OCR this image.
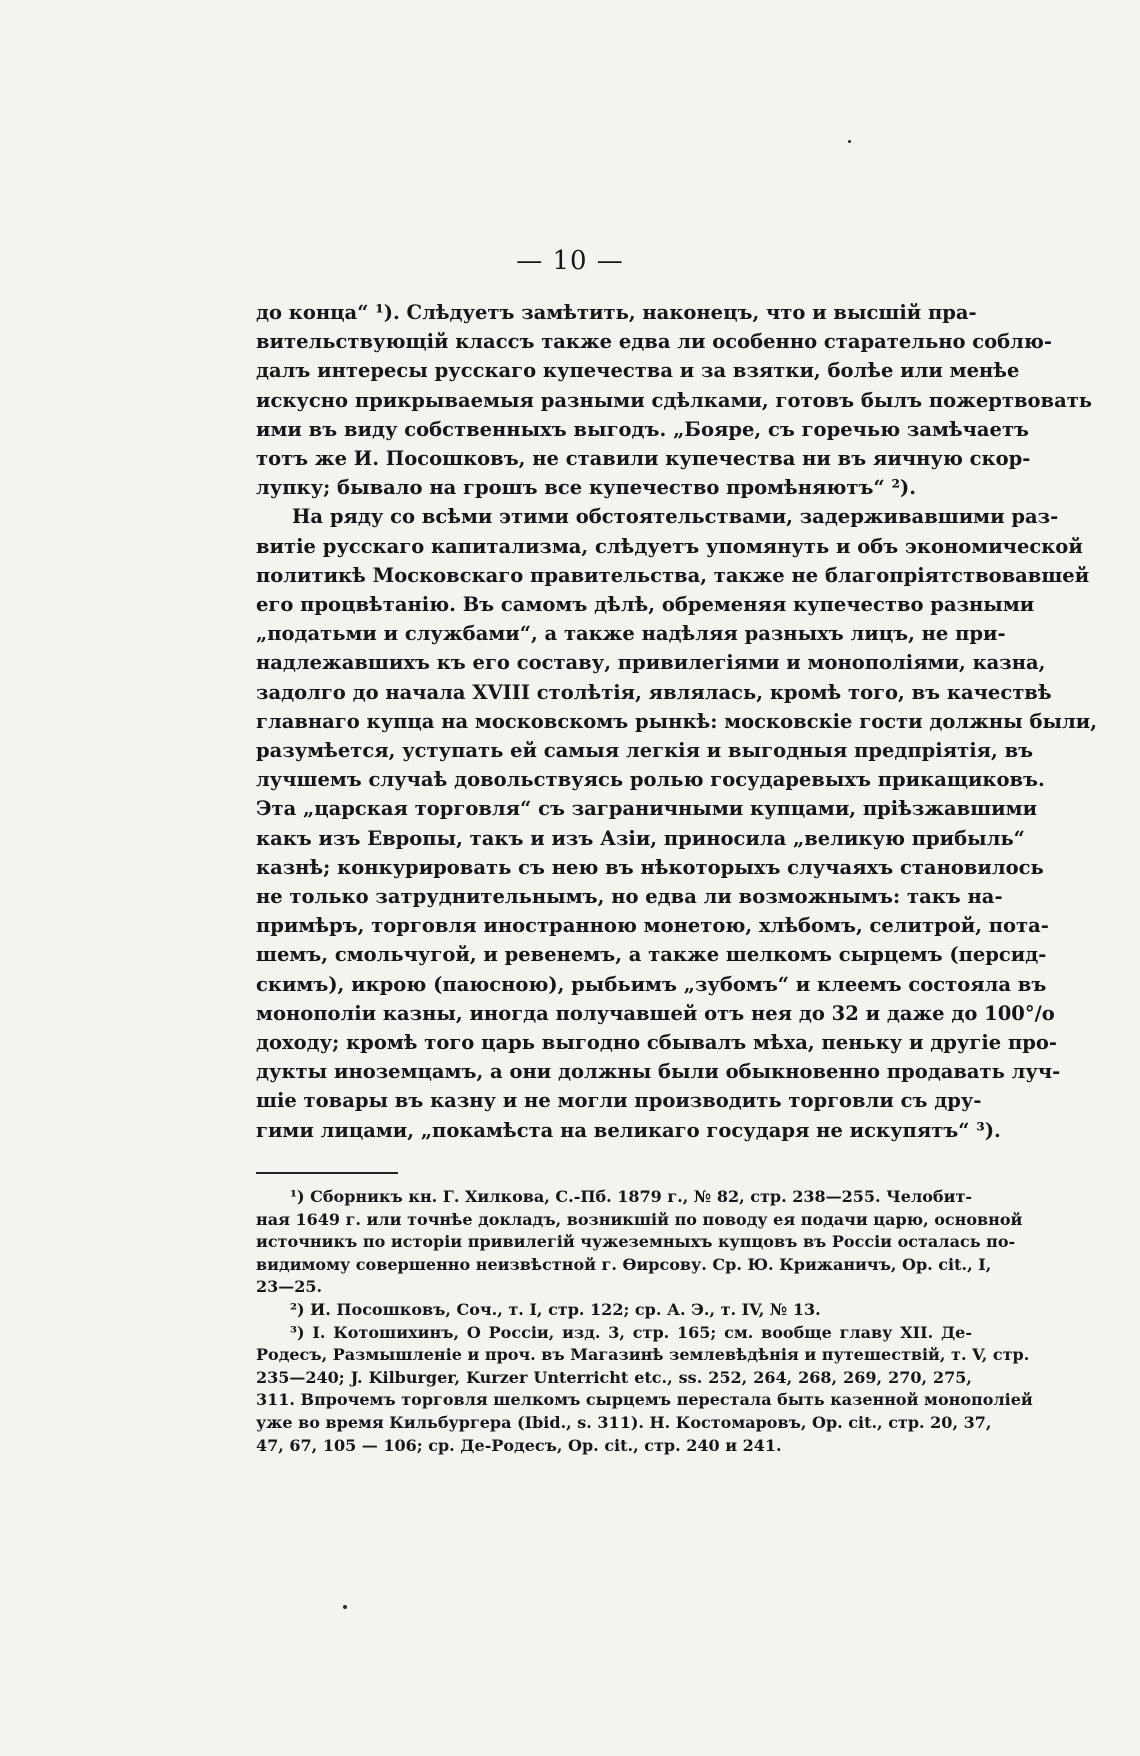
— 10 —
до конца“ ¹). Слѣдуетъ замѣтить, наконецъ, что и высшій пра-
вительствующій классъ также едва ли особенно старательно соблю-
далъ интересы русскаго купечества и за взятки, болѣе или менѣе
искусно прикрываемыя разными сдѣлками, готовъ былъ пожертвовать
ими въ виду собственныхъ выгодъ. „Бояре, съ горечью замѣчаетъ
тотъ же И. Посошковъ, не ставили купечества ни въ яичную скор-
лупку; бывало на грошъ все купечество промѣняютъ“ ²).
На ряду со всѣми этими обстоятельствами, задерживавшими раз-
витіе русскаго капитализма, слѣдуетъ упомянуть и объ экономической
политикѣ Московскаго правительства, также не благопріятствовавшей
его процвѣтанію. Въ самомъ дѣлѣ, обременяя купечество разными
„податьми и службами“, а также надѣляя разныхъ лицъ, не при-
надлежавшихъ къ его составу, привилегіями и монополіями, казна,
задолго до начала XVIII столѣтія, являлась, кромѣ того, въ качествѣ
главнаго купца на московскомъ рынкѣ: московскіе гости должны были,
разумѣется, уступать ей самыя легкія и выгодныя предпріятія, въ
лучшемъ случаѣ довольствуясь ролью государевыхъ прикащиковъ.
Эта „царская торговля“ съ заграничными купцами, пріѣзжавшими
какъ изъ Европы, такъ и изъ Азіи, приносила „великую прибыль“
казнѣ; конкурировать съ нею въ нѣкоторыхъ случаяхъ становилось
не только затруднительнымъ, но едва ли возможнымъ: такъ на-
примѣръ, торговля иностранною монетою, хлѣбомъ, селитрой, пота-
шемъ, смольчугой, и ревенемъ, а также шелкомъ сырцемъ (персид-
скимъ), икрою (паюсною), рыбьимъ „зубомъ“ и клеемъ состояла въ
монополіи казны, иногда получавшей отъ нея до 32 и даже до 100°/o
доходу; кромѣ того царь выгодно сбывалъ мѣха, пеньку и другіе про-
дукты иноземцамъ, а они должны были обыкновенно продавать луч-
шіе товары въ казну и не могли производить торговли съ дру-
гими лицами, „покамѣста на великаго государя не искупятъ“ ³).
¹) Сборникъ кн. Г. Хилкова, С.-Пб. 1879 г., № 82, стр. 238—255. Челобит-
ная 1649 г. или точнѣе докладъ, возникшій по поводу ея подачи царю, основной
источникъ по исторіи привилегій чужеземныхъ купцовъ въ Россіи осталась по-
видимому совершенно неизвѣстной г. Ѳирсову. Ср. Ю. Крижаничъ, Op. cit., I,
23—25.
²) И. Посошковъ, Соч., т. I, стр. 122; ср. А. Э., т. IV, № 13.
³) І. Котошихинъ, О Россіи, изд. 3, стр. 165; см. вообще главу XII. Де-
Родесъ, Размышленіе и проч. въ Магазинѣ землевѣдѣнія и путешествій, т. V, стр.
235—240; J. Kilburger, Kurzer Unterricht etc., ss. 252, 264, 268, 269, 270, 275,
311. Впрочемъ торговля шелкомъ сырцемъ перестала быть казенной монополіей
уже во время Кильбургера (Ibid., s. 311). Н. Костомаровъ, Op. cit., стр. 20, 37,
47, 67, 105 — 106; ср. Де-Родесъ, Op. cit., стр. 240 и 241.
